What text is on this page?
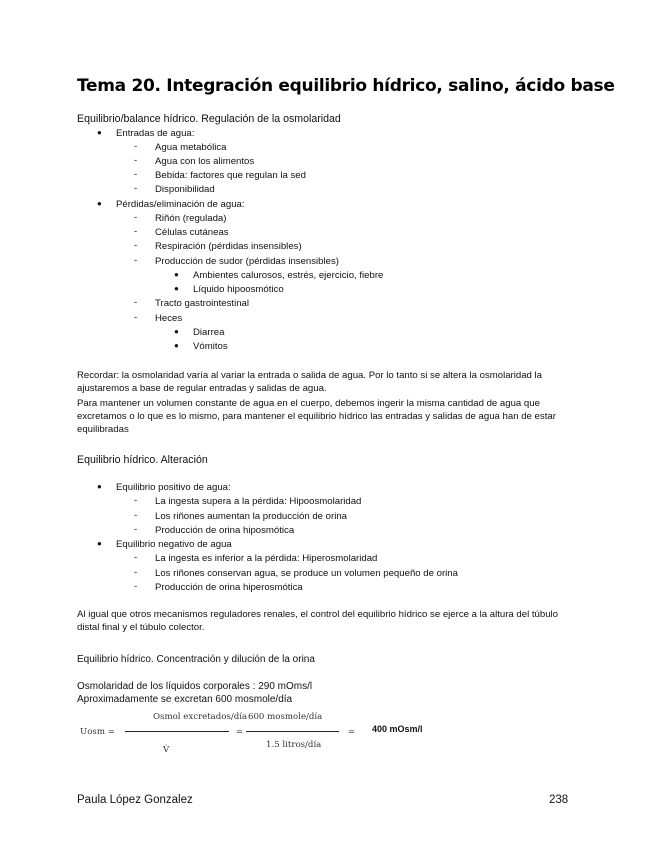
Tema 20. Integración equilibrio hídrico, salino, ácido base
Equilibrio/balance hídrico. Regulación de la osmolaridad
● Entradas de agua:
- Agua metabólica
- Agua con los alimentos
- Bebida: factores que regulan la sed
- Disponibilidad
● Pérdidas/eliminación de agua:
- Riñón (regulada)
- Células cutáneas
- Respiración (pérdidas insensibles)
- Producción de sudor (pérdidas insensibles)
● Ambientes calurosos, estrés, ejercicio, fiebre
● Líquido hipoosmótico
- Tracto gastrointestinal
- Heces
● Diarrea
● Vómitos
Recordar: la osmolaridad varía al variar la entrada o salida de agua. Por lo tanto si se altera la osmolaridad la ajustaremos a base de regular entradas y salidas de agua.
Para mantener un volumen constante de agua en el cuerpo, debemos ingerir la misma cantidad de agua que excretamos o lo que es lo mismo, para mantener el equilibrio hídrico las entradas y salidas de agua han de estar equilibradas
Equilibrio hídrico. Alteración
● Equilibrio positivo de agua:
- La ingesta supera a la pérdida: Hipoosmolaridad
- Los riñones aumentan la producción de orina
- Producción de orina hiposmótica
● Equilibrio negativo de agua
- La ingesta es inferior a la pérdida: Hiperosmolaridad
- Los riñones conservan agua, se produce un volumen pequeño de orina
- Producción de orina hiperosmótica
Al igual que otros mecanismos reguladores renales, el control del equilibrio hídrico se ejerce a la altura del túbulo distal final y el túbulo colector.
Equilibrio hídrico. Concentración y dilución de la orina
Osmolaridad de los líquidos corporales : 290 mOms/l
Aproximadamente se excretan 600 mosmole/día
Uosm =
Osmol excretados/día
V̇
=
600 mosmole/día
1.5 litros/día
= 400 mOsm/l
Paula López Gonzalez	238
